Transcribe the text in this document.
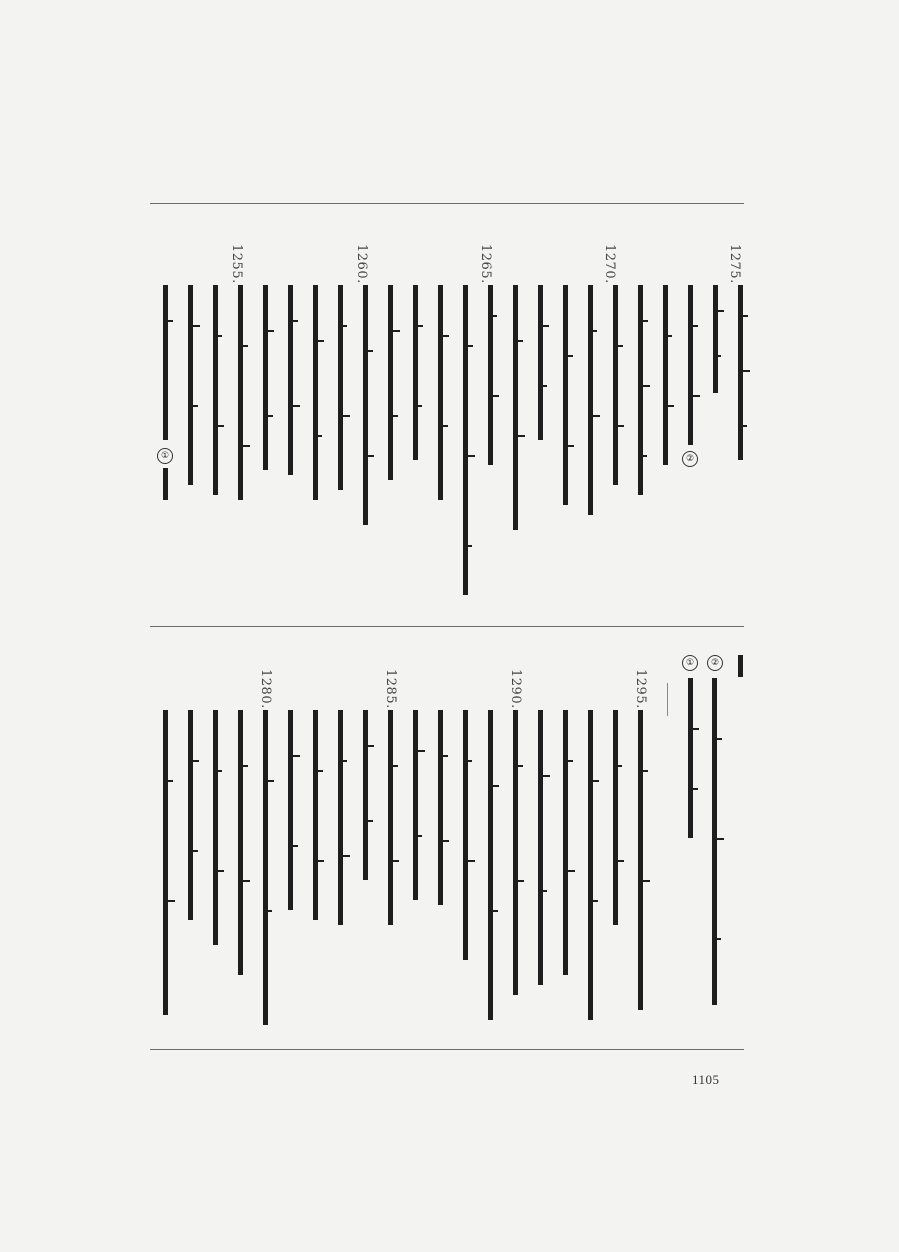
1275.
1270.
1265.
1260.
1255.
1295.
1290.
1285.
1280.
②
①
②
①
1105
